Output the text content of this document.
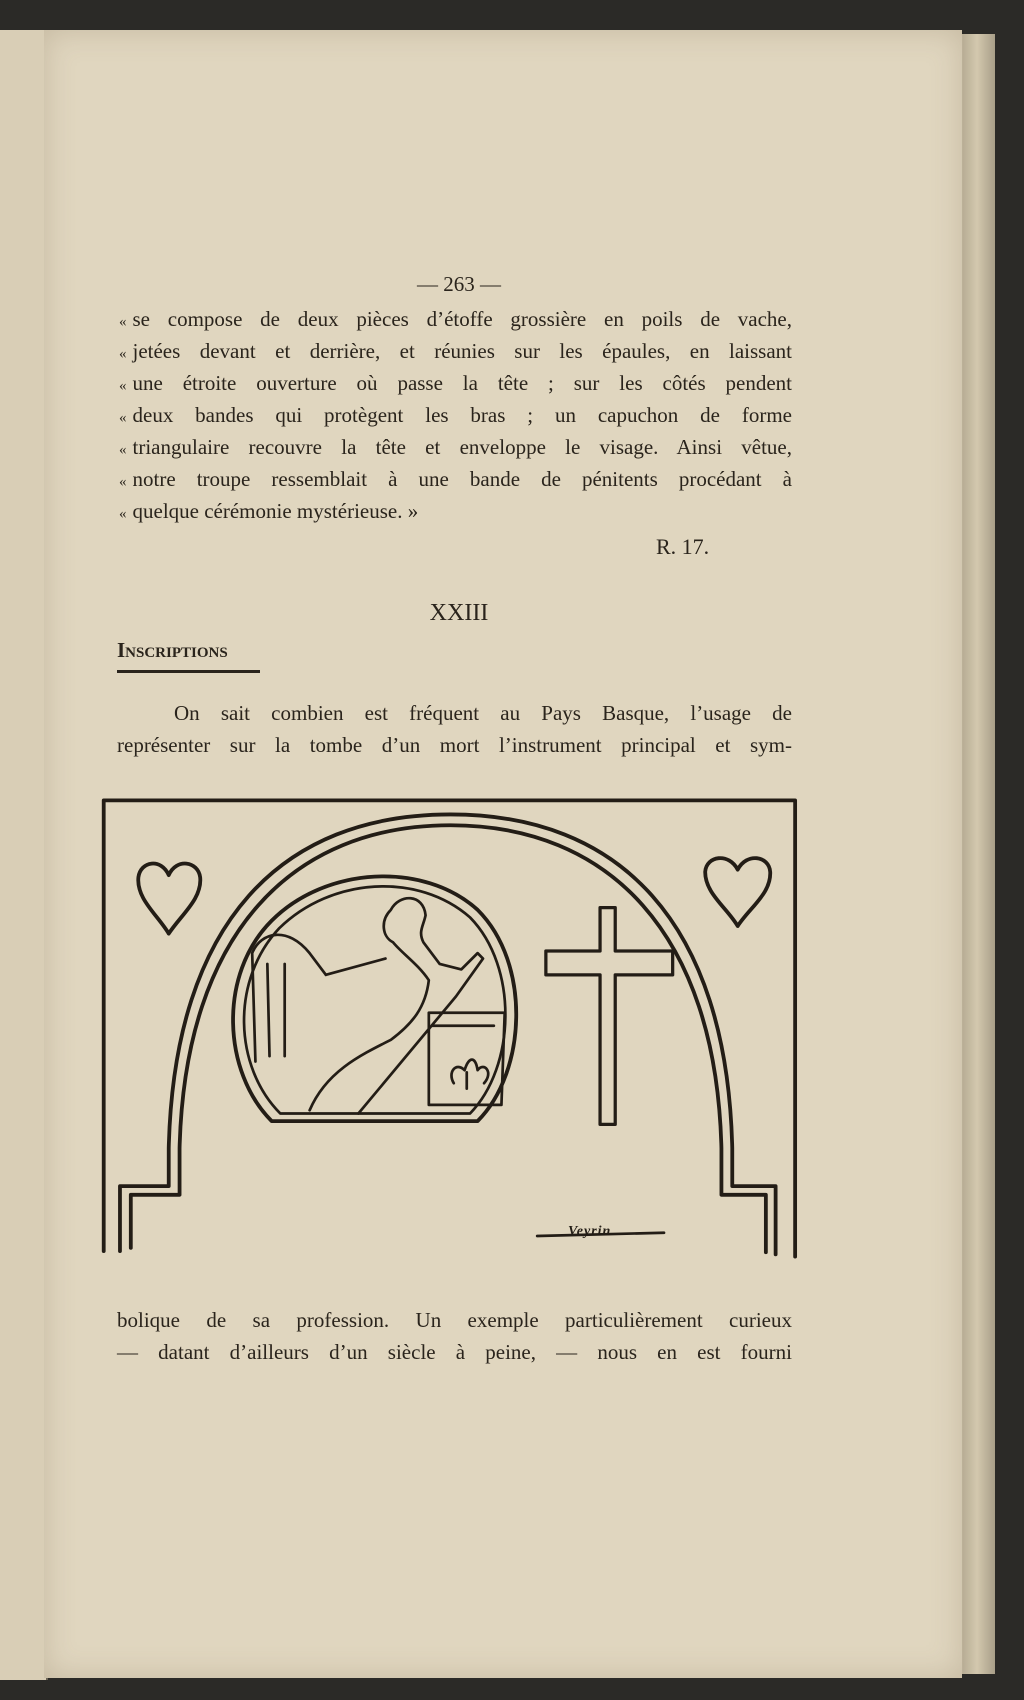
— 263 —
« se compose de deux pièces d’étoffe grossière en poils de vache,
« jetées devant et derrière, et réunies sur les épaules, en laissant
« une étroite ouverture où passe la tête ; sur les côtés pendent
« deux bandes qui protègent les bras ; un capuchon de forme
« triangulaire recouvre la tête et enveloppe le visage. Ainsi vêtue,
« notre troupe ressemblait à une bande de pénitents procédant à
« quelque cérémonie mystérieuse. »
R. 17.
XXIII
Inscriptions
On sait combien est fréquent au Pays Basque, l’usage de
représenter sur la tombe d’un mort l’instrument principal et sym-
bolique de sa profession. Un exemple particulièrement curieux
— datant d’ailleurs d’un siècle à peine, — nous en est fourni
Veyrin
